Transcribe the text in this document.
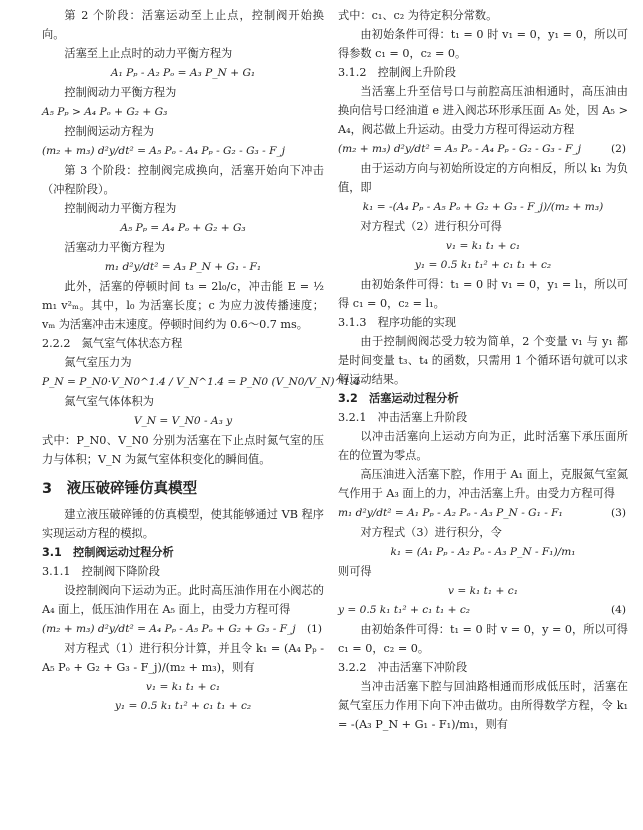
第 2 个阶段：活塞运动至上止点，控制阀开始换向。
活塞至上止点时的动力平衡方程为
A₁ Pₚ - A₂ Pₒ = A₃ P_N + G₁
控制阀动力平衡方程为
A₅ Pₚ > A₄ Pₒ + G₂ + G₃
控制阀运动方程为
(m₂ + m₃) d²y/dt² = A₅ Pₒ - A₄ Pₚ - G₂ - G₃ - F_j
第 3 个阶段：控制阀完成换向，活塞开始向下冲击（冲程阶段）。
控制阀动力平衡方程为
A₅ Pₚ = A₄ Pₒ + G₂ + G₃
活塞动力平衡方程为
m₁ d²y/dt² = A₃ P_N + G₁ - F₁
此外，活塞的停顿时间 t₃ = 2l₀/c，冲击能 E = ½ m₁ v²ₘ。其中，l₀ 为活塞长度；c 为应力波传播速度；vₘ 为活塞冲击末速度。停顿时间约为 0.6～0.7 ms。
2.2.2　氮气室气体状态方程
氮气室压力为
P_N = P_N0·V_N0^1.4 / V_N^1.4 = P_N0 (V_N0/V_N)^1.4
氮气室气体体积为
V_N = V_N0 - A₃ y
式中：P_N0、V_N0 分别为活塞在下止点时氮气室的压力与体积；V_N 为氮气室体积变化的瞬间值。
3　液压破碎锤仿真模型
建立液压破碎锤的仿真模型，使其能够通过 VB 程序实现运动方程的模拟。
3.1　控制阀运动过程分析
3.1.1　控制阀下降阶段
设控制阀向下运动为正。此时高压油作用在小阀芯的 A₄ 面上，低压油作用在 A₅ 面上，由受力方程可得
(m₂ + m₃) d²y/dt² = A₄ Pₚ - A₅ Pₒ + G₂ + G₃ - F_j (1)
对方程式（1）进行积分计算，并且令 k₁ = (A₄ Pₚ - A₅ Pₒ + G₂ + G₃ - F_j)/(m₂ + m₃)，则有
v₁ = k₁ t₁ + c₁
y₁ = 0.5 k₁ t₁² + c₁ t₁ + c₂
式中：c₁、c₂ 为待定积分常数。
由初始条件可得：t₁ = 0 时 v₁ = 0，y₁ = 0，所以可得参数 c₁ = 0，c₂ = 0。
3.1.2　控制阀上升阶段
当活塞上升至信号口与前腔高压油相通时，高压油由换向信号口经油道 e 进入阀芯环形承压面 A₅ 处，因 A₅ > A₄，阀芯做上升运动。由受力方程可得运动方程
(m₂ + m₃) d²y/dt² = A₅ Pₒ - A₄ Pₚ - G₂ - G₃ - F_j	(2)
由于运动方向与初始所设定的方向相反，所以 k₁ 为负值，即
k₁ = -(A₄ Pₚ - A₅ Pₒ + G₂ + G₃ - F_j)/(m₂ + m₃)
对方程式（2）进行积分可得
v₁ = k₁ t₁ + c₁
y₁ = 0.5 k₁ t₁² + c₁ t₁ + c₂
由初始条件可得：t₁ = 0 时 v₁ = 0，y₁ = l₁，所以可得 c₁ = 0，c₂ = l₁。
3.1.3　程序功能的实现
由于控制阀阀芯受力较为简单，2 个变量 v₁ 与 y₁ 都是时间变量 t₃、t₄ 的函数，只需用 1 个循环语句就可以求解运动结果。
3.2　活塞运动过程分析
3.2.1　冲击活塞上升阶段
以冲击活塞向上运动方向为正，此时活塞下承压面所在的位置为零点。
高压油进入活塞下腔，作用于 A₁ 面上，克服氮气室氮气作用于 A₃ 面上的力，冲击活塞上升。由受力方程可得
m₁ d²y/dt² = A₁ Pₚ - A₂ Pₒ - A₃ P_N - G₁ - F₁	(3)
对方程式（3）进行积分，令
k₁ = (A₁ Pₚ - A₂ Pₒ - A₃ P_N - F₁)/m₁
则可得
v = k₁ t₁ + c₁
y = 0.5 k₁ t₁² + c₁ t₁ + c₂	(4)
由初始条件可得：t₁ = 0 时 v = 0，y = 0，所以可得 c₁ = 0，c₂ = 0。
3.2.2　冲击活塞下冲阶段
当冲击活塞下腔与回油路相通而形成低压时，活塞在氮气室压力作用下向下冲击做功。由所得数学方程，令 k₁ = -(A₃ P_N + G₁ - F₁)/m₁，则有
